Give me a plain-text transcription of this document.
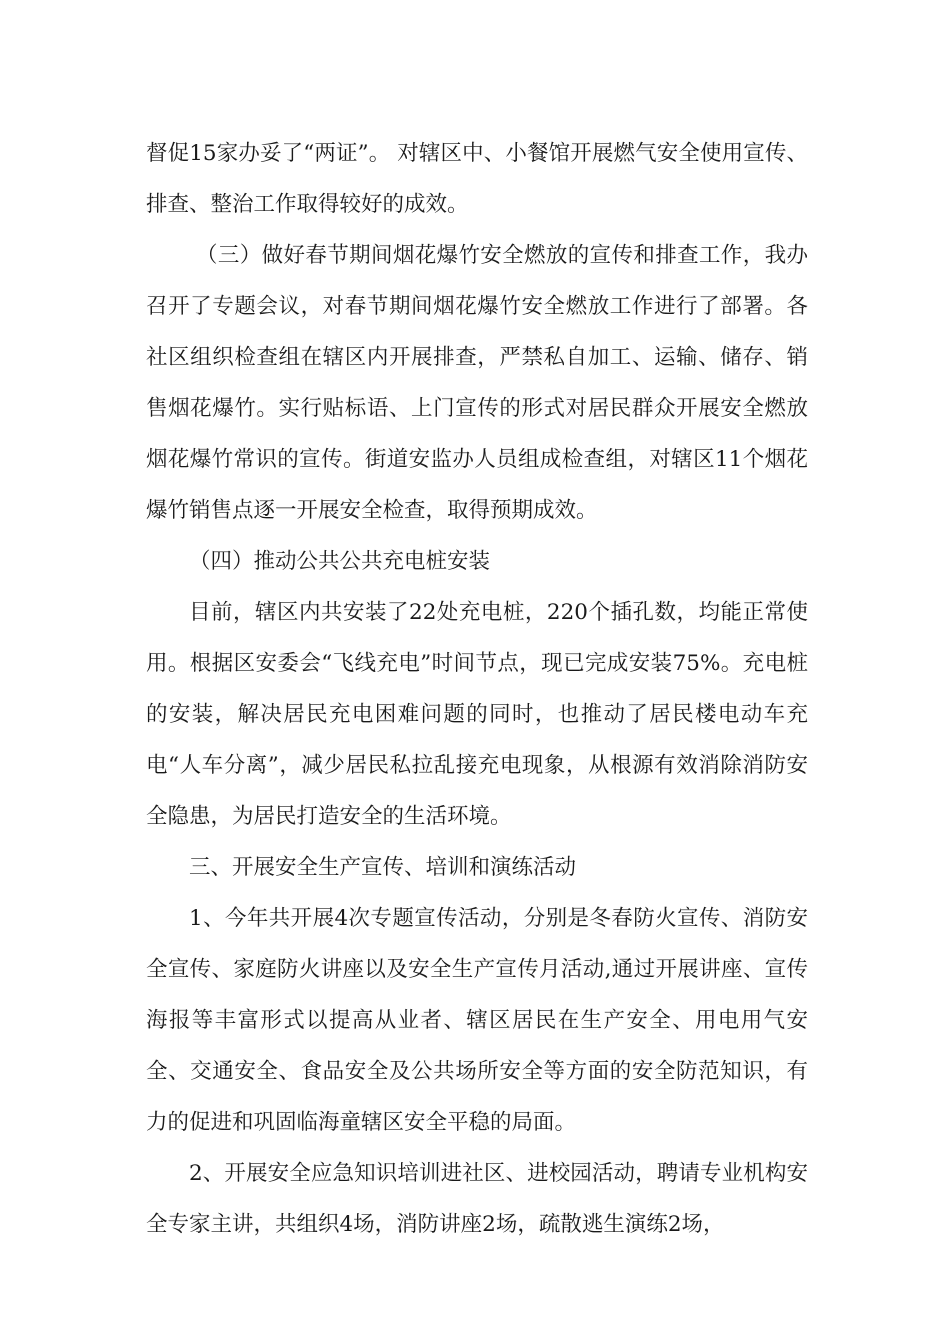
督促15家办妥了“两证”。 对辖区中、小餐馆开展燃气安全使用宣传、排查、整治工作取得较好的成效。

（三）做好春节期间烟花爆竹安全燃放的宣传和排查工作，我办召开了专题会议，对春节期间烟花爆竹安全燃放工作进行了部署。各社区组织检查组在辖区内开展排查，严禁私自加工、运输、储存、销售烟花爆竹。实行贴标语、上门宣传的形式对居民群众开展安全燃放烟花爆竹常识的宣传。街道安监办人员组成检查组，对辖区11个烟花爆竹销售点逐一开展安全检查，取得预期成效。

（四）推动公共公共充电桩安装

目前，辖区内共安装了22处充电桩，220个插孔数，均能正常使用。根据区安委会“飞线充电”时间节点，现已完成安装75%。充电桩的安装，解决居民充电困难问题的同时，也推动了居民楼电动车充电“人车分离”，减少居民私拉乱接充电现象，从根源有效消除消防安全隐患，为居民打造安全的生活环境。

三、开展安全生产宣传、培训和演练活动

1、今年共开展4次专题宣传活动，分别是冬春防火宣传、消防安全宣传、家庭防火讲座以及安全生产宣传月活动,通过开展讲座、宣传海报等丰富形式以提高从业者、辖区居民在生产安全、用电用气安全、交通安全、食品安全及公共场所安全等方面的安全防范知识，有力的促进和巩固临海童辖区安全平稳的局面。

2、开展安全应急知识培训进社区、进校园活动，聘请专业机构安全专家主讲，共组织4场，消防讲座2场，疏散逃生演练2场，
